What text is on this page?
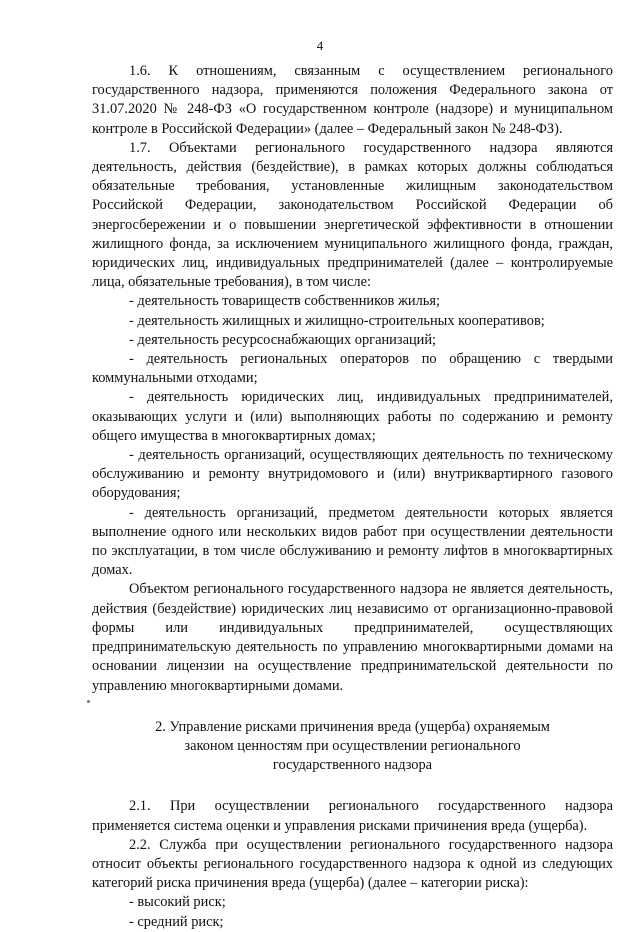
4

1.6. К отношениям, связанным с осуществлением регионального государственного надзора, применяются положения Федерального закона от 31.07.2020 № 248-ФЗ «О государственном контроле (надзоре) и муниципальном контроле в Российской Федерации» (далее – Федеральный закон № 248-ФЗ).

1.7. Объектами регионального государственного надзора являются деятельность, действия (бездействие), в рамках которых должны соблюдаться обязательные требования, установленные жилищным законодательством Российской Федерации, законодательством Российской Федерации об энергосбережении и о повышении энергетической эффективности в отношении жилищного фонда, за исключением муниципального жилищного фонда, граждан, юридических лиц, индивидуальных предпринимателей (далее – контролируемые лица, обязательные требования), в том числе:

- деятельность товариществ собственников жилья;

- деятельность жилищных и жилищно-строительных кооперативов;

- деятельность ресурсоснабжающих организаций;

- деятельность региональных операторов по обращению с твердыми коммунальными отходами;

- деятельность юридических лиц, индивидуальных предпринимателей, оказывающих услуги и (или) выполняющих работы по содержанию и ремонту общего имущества в многоквартирных домах;

- деятельность организаций, осуществляющих деятельность по техническому обслуживанию и ремонту внутридомового и (или) внутриквартирного газового оборудования;

- деятельность организаций, предметом деятельности которых является выполнение одного или нескольких видов работ при осуществлении деятельности по эксплуатации, в том числе обслуживанию и ремонту лифтов в многоквартирных домах.

Объектом регионального государственного надзора не является деятельность, действия (бездействие) юридических лиц независимо от организационно-правовой формы или индивидуальных предпринимателей, осуществляющих предпринимательскую деятельность по управлению многоквартирными домами на основании лицензии на осуществление предпринимательской деятельности по управлению многоквартирными домами.

2. Управление рисками причинения вреда (ущерба) охраняемым
законом ценностям при осуществлении регионального
государственного надзора

2.1. При осуществлении регионального государственного надзора применяется система оценки и управления рисками причинения вреда (ущерба).

2.2. Служба при осуществлении регионального государственного надзора относит объекты регионального государственного надзора к одной из следующих категорий риска причинения вреда (ущерба) (далее – категории риска):

- высокий риск;

- средний риск;
